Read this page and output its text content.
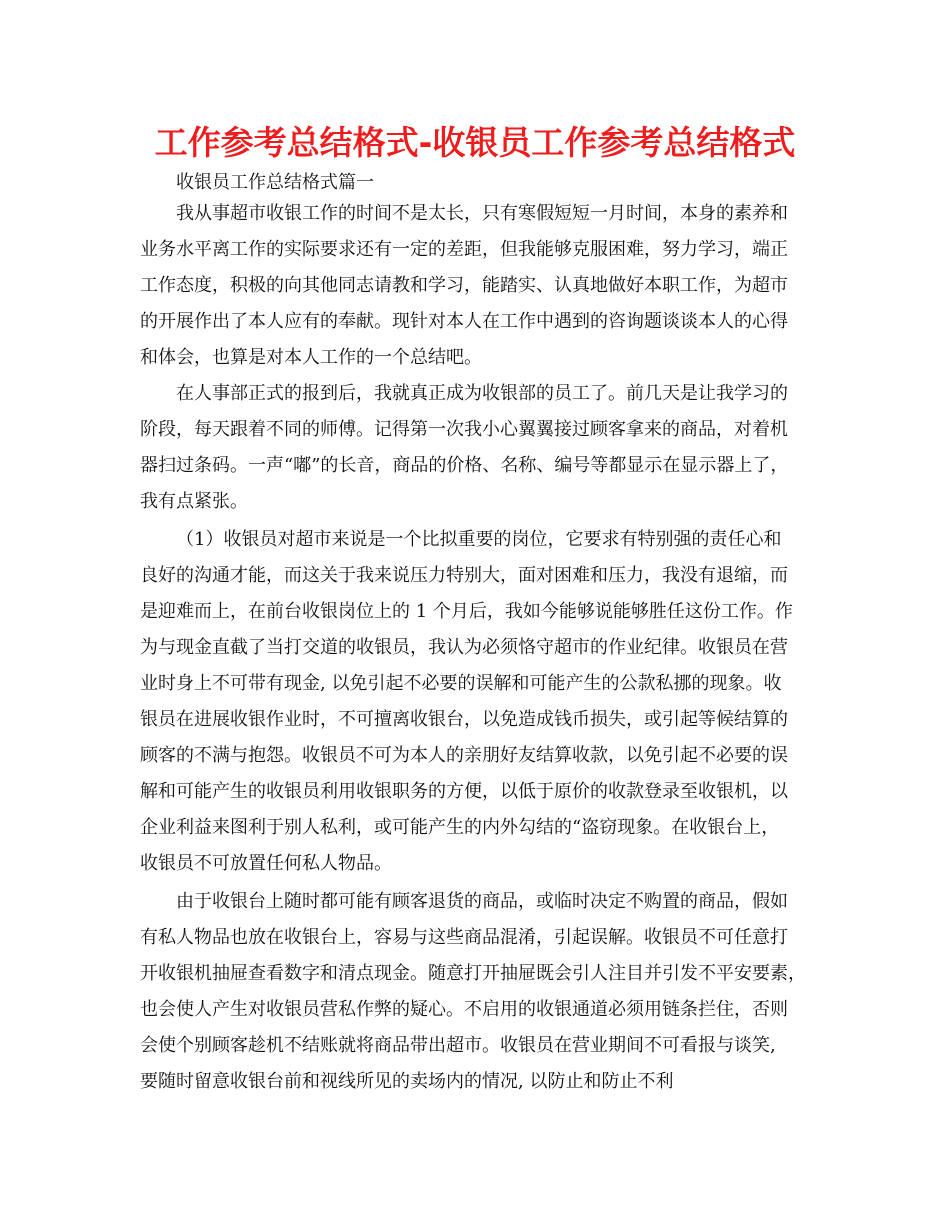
工作参考总结格式-收银员工作参考总结格式
收银员工作总结格式篇一
我从事超市收银工作的时间不是太长，只有寒假短短一月时间，本身的素养和
业务水平离工作的实际要求还有一定的差距，但我能够克服困难，努力学习，端正
工作态度，积极的向其他同志请教和学习，能踏实、认真地做好本职工作，为超市
的开展作出了本人应有的奉献。现针对本人在工作中遇到的咨询题谈谈本人的心得
和体会，也算是对本人工作的一个总结吧。
在人事部正式的报到后，我就真正成为收银部的员工了。前几天是让我学习的
阶段，每天跟着不同的师傅。记得第一次我小心翼翼接过顾客拿来的商品，对着机
器扫过条码。一声“嘟”的长音，商品的价格、名称、编号等都显示在显示器上了，
我有点紧张。
（1）收银员对超市来说是一个比拟重要的岗位，它要求有特别强的责任心和
良好的沟通才能，而这关于我来说压力特别大，面对困难和压力，我没有退缩，而
是迎难而上，在前台收银岗位上的 1 个月后，我如今能够说能够胜任这份工作。作
为与现金直截了当打交道的收银员，我认为必须恪守超市的作业纪律。收银员在营
业时身上不可带有现金, 以免引起不必要的误解和可能产生的公款私挪的现象。收
银员在进展收银作业时，不可擅离收银台，以免造成钱币损失，或引起等候结算的
顾客的不满与抱怨。收银员不可为本人的亲朋好友结算收款，以免引起不必要的误
解和可能产生的收银员利用收银职务的方便，以低于原价的收款登录至收银机，以
企业利益来图利于别人私利，或可能产生的内外勾结的“盗窃现象。在收银台上，
收银员不可放置任何私人物品。
由于收银台上随时都可能有顾客退货的商品，或临时决定不购置的商品，假如
有私人物品也放在收银台上，容易与这些商品混淆，引起误解。收银员不可任意打
开收银机抽屉查看数字和清点现金。随意打开抽屉既会引人注目并引发不平安要素，
也会使人产生对收银员营私作弊的疑心。不启用的收银通道必须用链条拦住，否则
会使个别顾客趁机不结账就将商品带出超市。收银员在营业期间不可看报与谈笑,
要随时留意收银台前和视线所见的卖场内的情况, 以防止和防止不利
